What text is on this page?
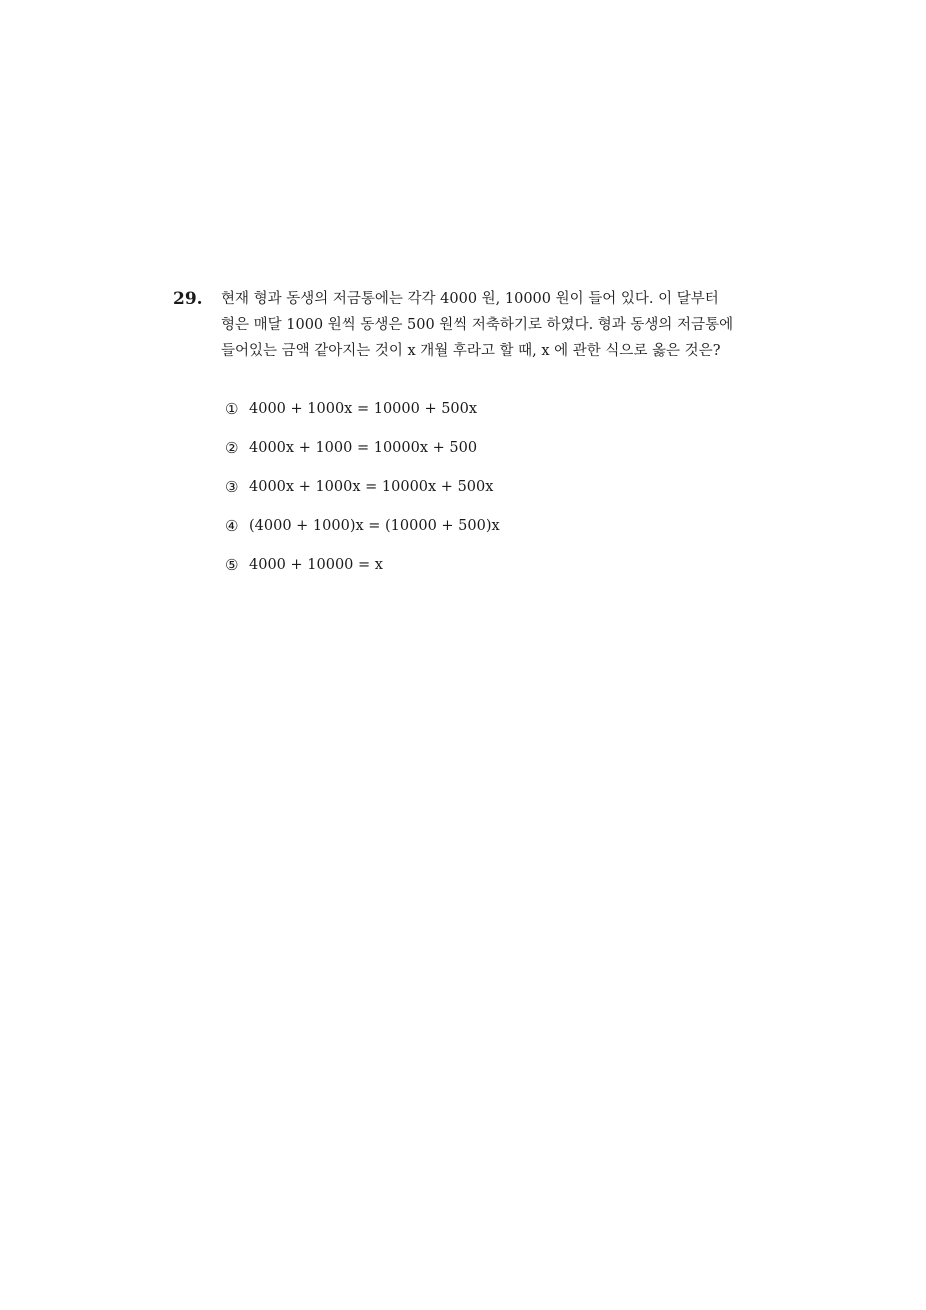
29. 현재 형과 동생의 저금통에는 각각 4000 원, 10000 원이 들어 있다. 이 달부터
형은 매달 1000 원씩 동생은 500 원씩 저축하기로 하였다. 형과 동생의 저금통에
들어있는 금액 같아지는 것이 x 개월 후라고 할 때, x 에 관한 식으로 옳은 것은?
① 4000 + 1000x = 10000 + 500x
② 4000x + 1000 = 10000x + 500
③ 4000x + 1000x = 10000x + 500x
④ (4000 + 1000)x = (10000 + 500)x
⑤ 4000 + 10000 = x
